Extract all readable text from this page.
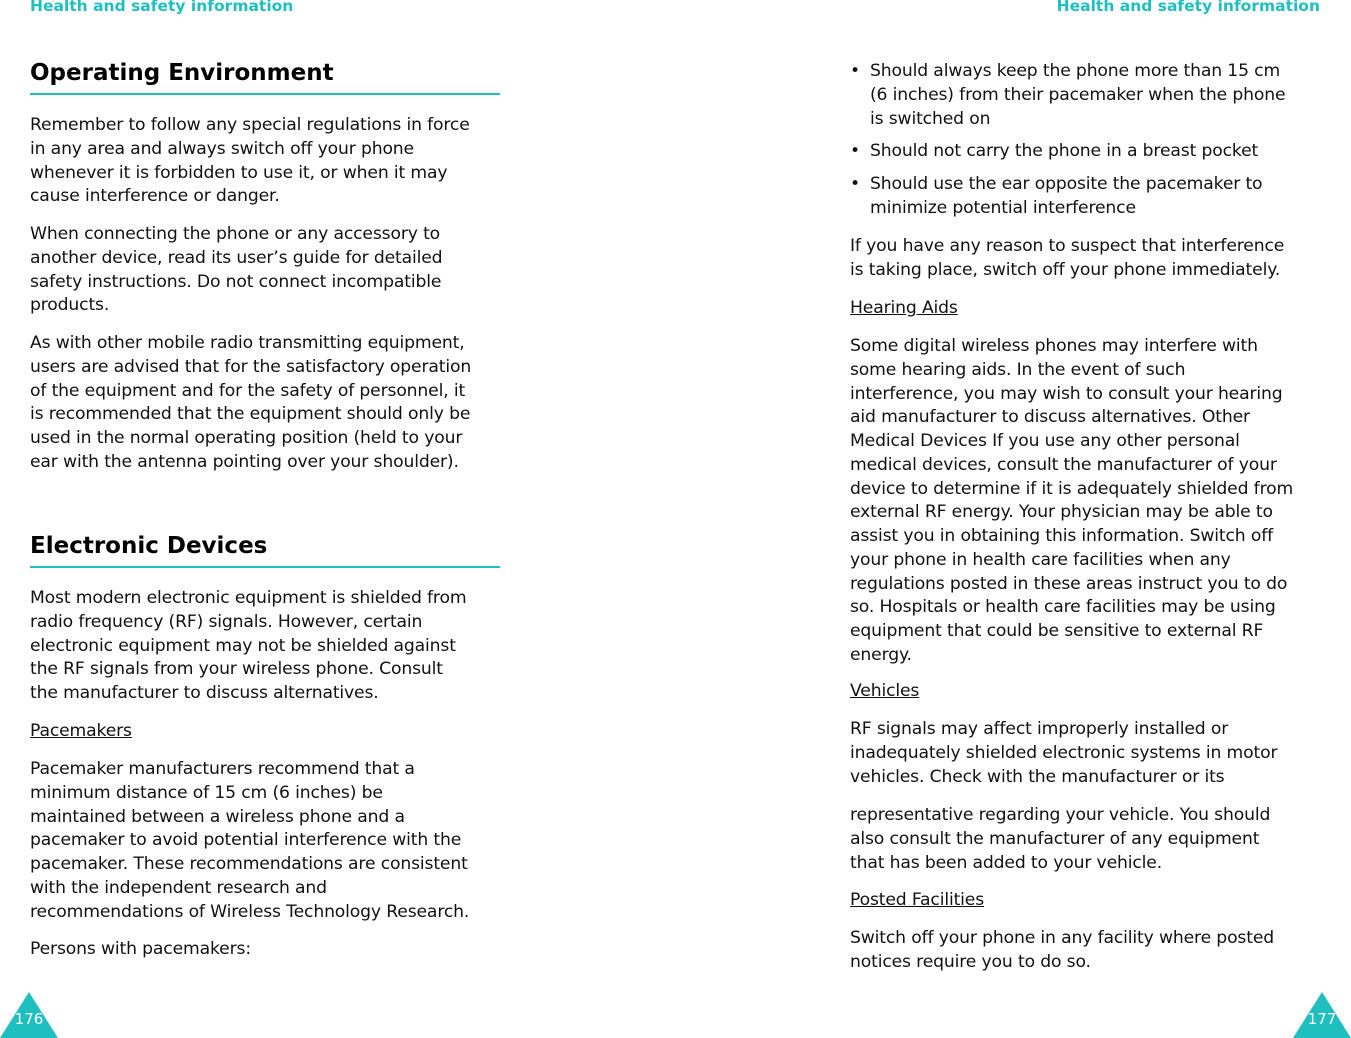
Health and safety information
Operating Environment
Remember to follow any special regulations in force
in any area and always switch off your phone
whenever it is forbidden to use it, or when it may
cause interference or danger.
When connecting the phone or any accessory to
another device, read its user’s guide for detailed
safety instructions. Do not connect incompatible
products.
As with other mobile radio transmitting equipment,
users are advised that for the satisfactory operation
of the equipment and for the safety of personnel, it
is recommended that the equipment should only be
used in the normal operating position (held to your
ear with the antenna pointing over your shoulder).
Electronic Devices
Most modern electronic equipment is shielded from
radio frequency (RF) signals. However, certain
electronic equipment may not be shielded against
the RF signals from your wireless phone. Consult
the manufacturer to discuss alternatives.
Pacemakers
Pacemaker manufacturers recommend that a
minimum distance of 15 cm (6 inches) be
maintained between a wireless phone and a
pacemaker to avoid potential interference with the
pacemaker. These recommendations are consistent
with the independent research and
recommendations of Wireless Technology Research.
Persons with pacemakers:
176
Health and safety information
• Should always keep the phone more than 15 cm
(6 inches) from their pacemaker when the phone
is switched on
• Should not carry the phone in a breast pocket
• Should use the ear opposite the pacemaker to
minimize potential interference
If you have any reason to suspect that interference
is taking place, switch off your phone immediately.
Hearing Aids
Some digital wireless phones may interfere with
some hearing aids. In the event of such
interference, you may wish to consult your hearing
aid manufacturer to discuss alternatives. Other
Medical Devices If you use any other personal
medical devices, consult the manufacturer of your
device to determine if it is adequately shielded from
external RF energy. Your physician may be able to
assist you in obtaining this information. Switch off
your phone in health care facilities when any
regulations posted in these areas instruct you to do
so. Hospitals or health care facilities may be using
equipment that could be sensitive to external RF
energy.
Vehicles
RF signals may affect improperly installed or
inadequately shielded electronic systems in motor
vehicles. Check with the manufacturer or its
representative regarding your vehicle. You should
also consult the manufacturer of any equipment
that has been added to your vehicle.
Posted Facilities
Switch off your phone in any facility where posted
notices require you to do so.
177
